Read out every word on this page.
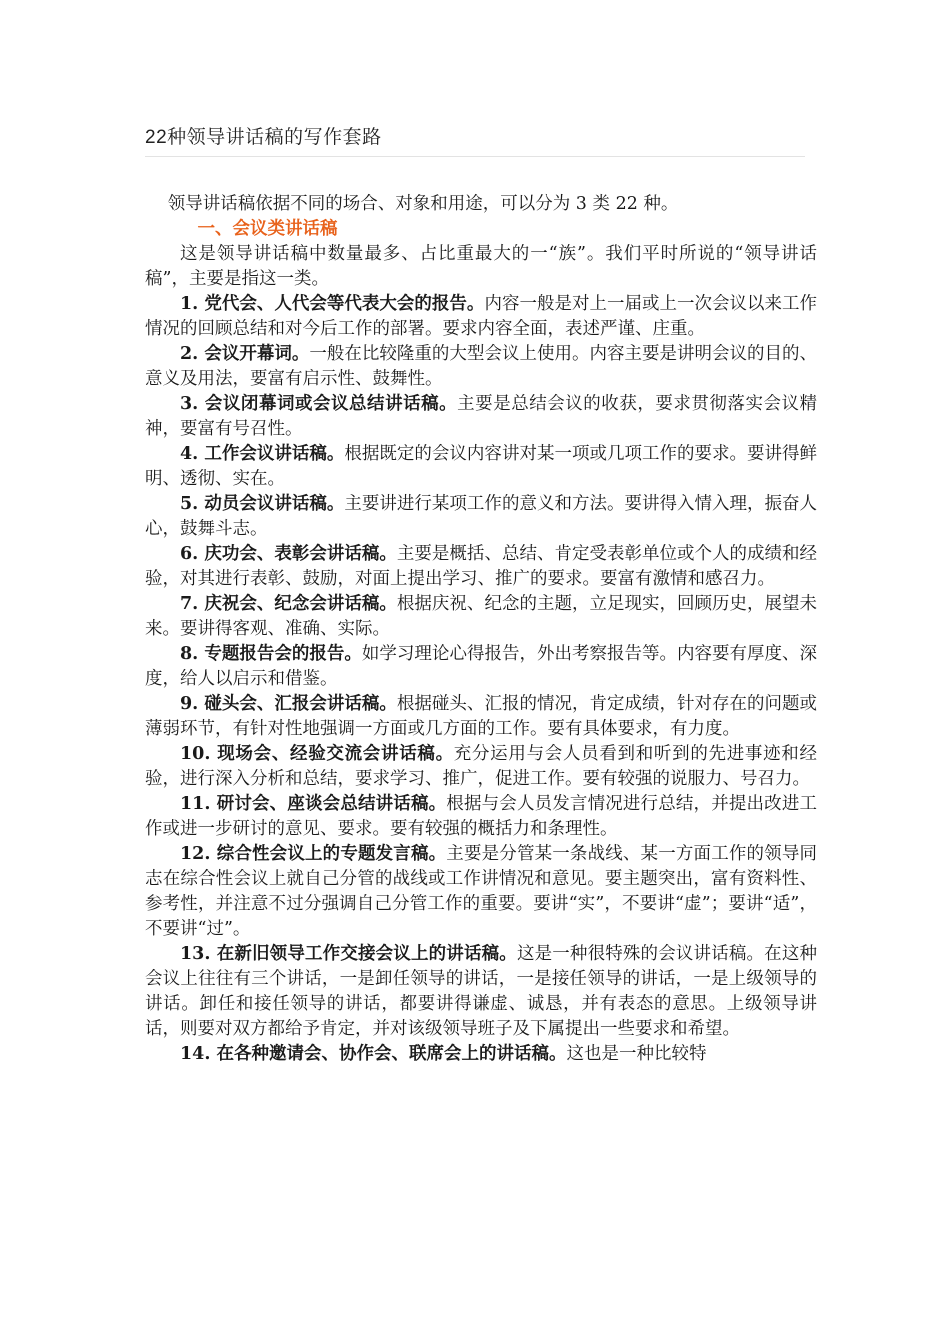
22种领导讲话稿的写作套路

领导讲话稿依据不同的场合、对象和用途，可以分为 3 类 22 种。

一、会议类讲话稿

这是领导讲话稿中数量最多、占比重最大的一“族”。我们平时所说的“领导讲话稿”，主要是指这一类。

1. 党代会、人代会等代表大会的报告。内容一般是对上一届或上一次会议以来工作情况的回顾总结和对今后工作的部署。要求内容全面，表述严谨、庄重。

2. 会议开幕词。一般在比较隆重的大型会议上使用。内容主要是讲明会议的目的、意义及用法，要富有启示性、鼓舞性。

3. 会议闭幕词或会议总结讲话稿。主要是总结会议的收获，要求贯彻落实会议精神，要富有号召性。

4. 工作会议讲话稿。根据既定的会议内容讲对某一项或几项工作的要求。要讲得鲜明、透彻、实在。

5. 动员会议讲话稿。主要讲进行某项工作的意义和方法。要讲得入情入理，振奋人心，鼓舞斗志。

6. 庆功会、表彰会讲话稿。主要是概括、总结、肯定受表彰单位或个人的成绩和经验，对其进行表彰、鼓励，对面上提出学习、推广的要求。要富有激情和感召力。

7. 庆祝会、纪念会讲话稿。根据庆祝、纪念的主题，立足现实，回顾历史，展望未来。要讲得客观、准确、实际。

8. 专题报告会的报告。如学习理论心得报告，外出考察报告等。内容要有厚度、深度，给人以启示和借鉴。

9. 碰头会、汇报会讲话稿。根据碰头、汇报的情况，肯定成绩，针对存在的问题或薄弱环节，有针对性地强调一方面或几方面的工作。要有具体要求，有力度。

10. 现场会、经验交流会讲话稿。充分运用与会人员看到和听到的先进事迹和经验，进行深入分析和总结，要求学习、推广，促进工作。要有较强的说服力、号召力。

11. 研讨会、座谈会总结讲话稿。根据与会人员发言情况进行总结，并提出改进工作或进一步研讨的意见、要求。要有较强的概括力和条理性。

12. 综合性会议上的专题发言稿。主要是分管某一条战线、某一方面工作的领导同志在综合性会议上就自己分管的战线或工作讲情况和意见。要主题突出，富有资料性、参考性，并注意不过分强调自己分管工作的重要。要讲“实”，不要讲“虚”；要讲“适”，不要讲“过”。

13. 在新旧领导工作交接会议上的讲话稿。这是一种很特殊的会议讲话稿。在这种会议上往往有三个讲话，一是卸任领导的讲话，一是接任领导的讲话，一是上级领导的讲话。卸任和接任领导的讲话，都要讲得谦虚、诚恳，并有表态的意思。上级领导讲话，则要对双方都给予肯定，并对该级领导班子及下属提出一些要求和希望。

14. 在各种邀请会、协作会、联席会上的讲话稿。这也是一种比较特
